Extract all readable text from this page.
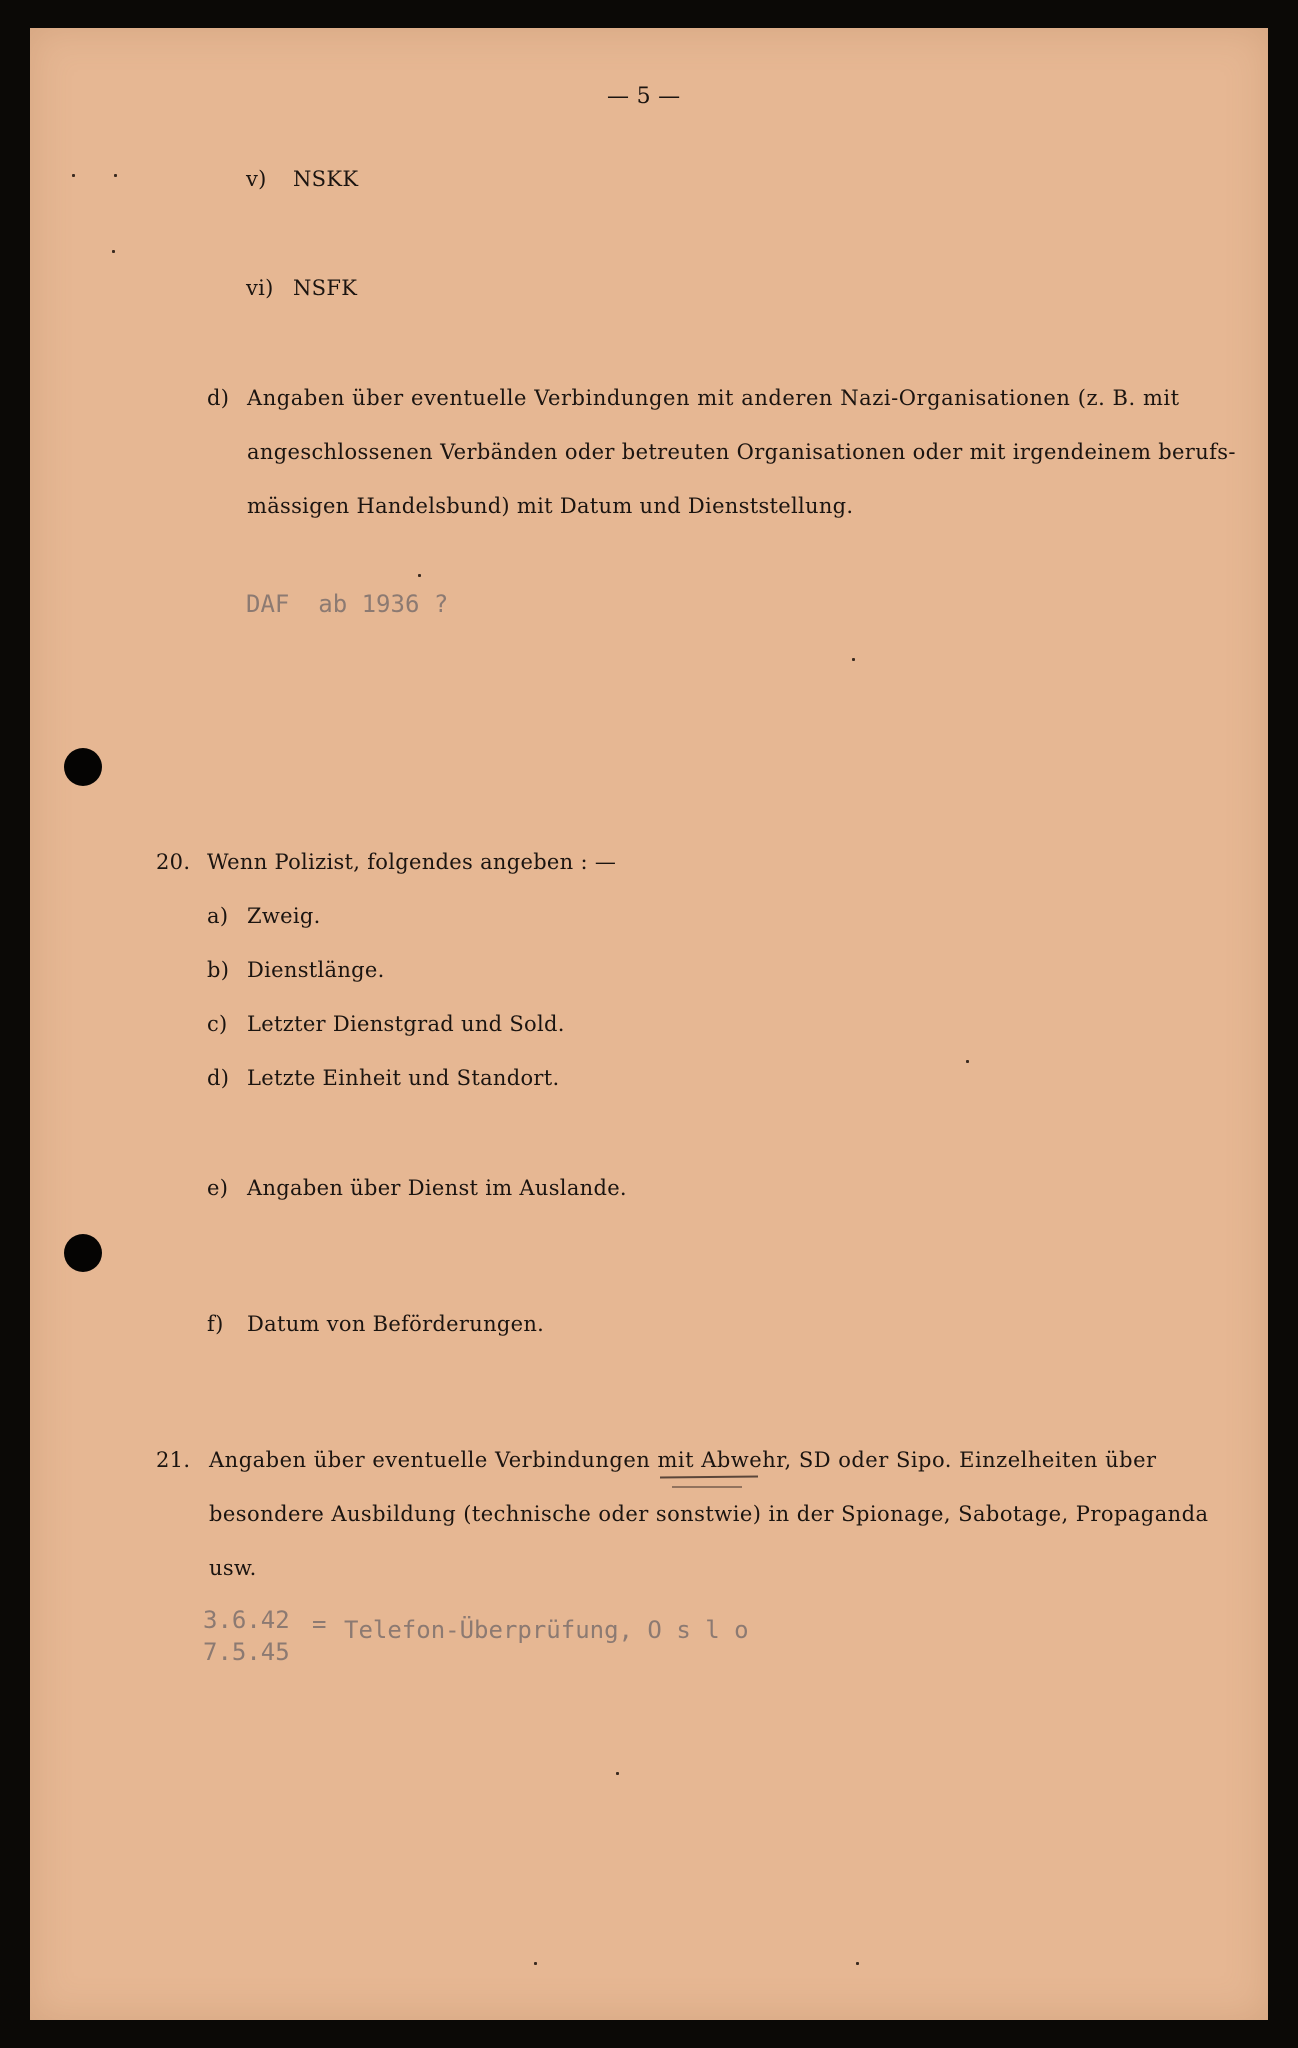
— 5 —
v) NSKK
vi) NSFK
d) Angaben über eventuelle Verbindungen mit anderen Nazi-Organisationen (z. B. mit
angeschlossenen Verbänden oder betreuten Organisationen oder mit irgendeinem berufs-
mässigen Handelsbund) mit Datum und Dienststellung.
DAF  ab 1936 ?
20. Wenn Polizist, folgendes angeben : —
a) Zweig.
b) Dienstlänge.
c) Letzter Dienstgrad und Sold.
d) Letzte Einheit und Standort.
e) Angaben über Dienst im Auslande.
f) Datum von Beförderungen.
21. Angaben über eventuelle Verbindungen mit Abwehr, SD oder Sipo. Einzelheiten über
besondere Ausbildung (technische oder sonstwie) in der Spionage, Sabotage, Propaganda
usw.
3.6.42
7.5.45
= Telefon-Überprüfung, O s l o
